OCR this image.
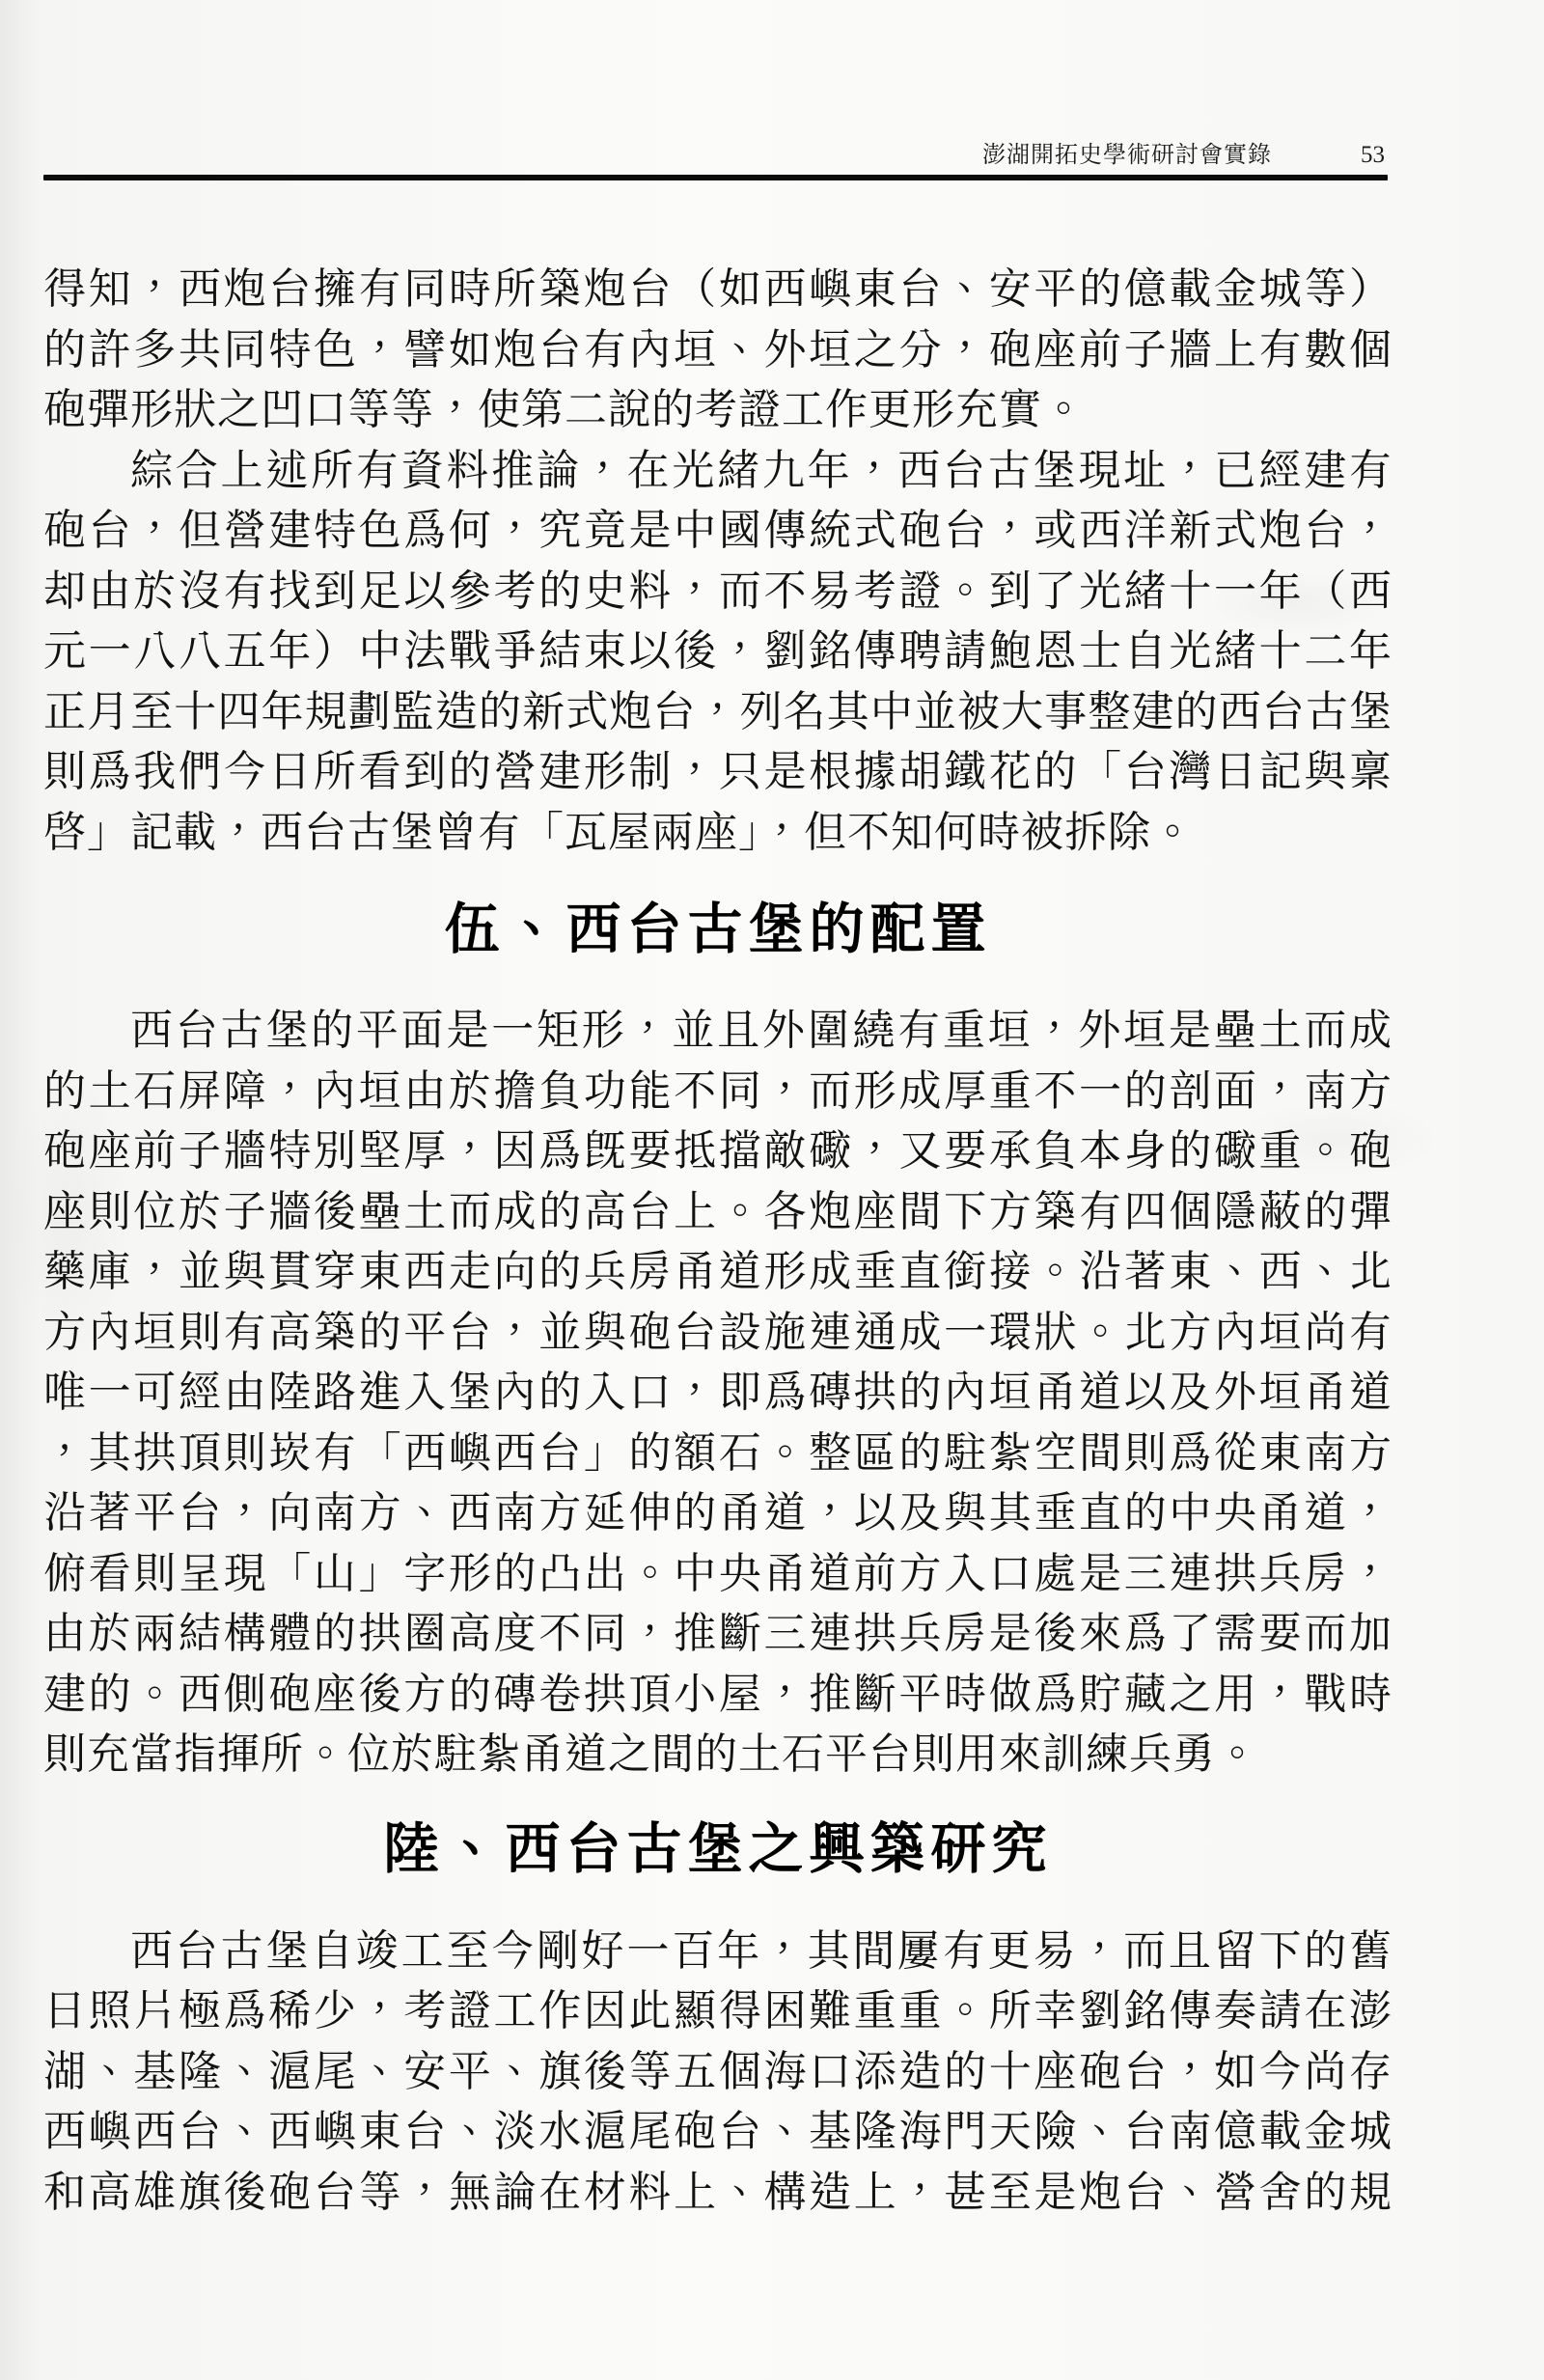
澎湖開拓史學術研討會實錄	53

得知，西炮台擁有同時所築炮台（如西嶼東台、安平的億載金城等）
的許多共同特色，譬如炮台有內垣、外垣之分，砲座前子牆上有數個
砲彈形狀之凹口等等，使第二說的考證工作更形充實。

綜合上述所有資料推論，在光緒九年，西台古堡現址，已經建有
砲台，但營建特色爲何，究竟是中國傳統式砲台，或西洋新式炮台，
却由於沒有找到足以參考的史料，而不易考證。到了光緒十一年（西
元一八八五年）中法戰爭結束以後，劉銘傳聘請鮑恩士自光緒十二年
正月至十四年規劃監造的新式炮台，列名其中並被大事整建的西台古堡
則爲我們今日所看到的營建形制，只是根據胡鐵花的「台灣日記與稟
啓」記載，西台古堡曾有「瓦屋兩座」，但不知何時被拆除。

伍、西台古堡的配置

西台古堡的平面是一矩形，並且外圍繞有重垣，外垣是壘土而成
的土石屏障，內垣由於擔負功能不同，而形成厚重不一的剖面，南方
砲座前子牆特別堅厚，因爲旣要抵擋敵礮，又要承負本身的礮重。砲
座則位於子牆後壘土而成的高台上。各炮座間下方築有四個隱蔽的彈
藥庫，並與貫穿東西走向的兵房甬道形成垂直銜接。沿著東、西、北
方內垣則有高築的平台，並與砲台設施連通成一環狀。北方內垣尚有
唯一可經由陸路進入堡內的入口，即爲磚拱的內垣甬道以及外垣甬道
，其拱頂則崁有「西嶼西台」的額石。整區的駐紮空間則爲從東南方
沿著平台，向南方、西南方延伸的甬道，以及與其垂直的中央甬道，
俯看則呈現「山」字形的凸出。中央甬道前方入口處是三連拱兵房，
由於兩結構體的拱圈高度不同，推斷三連拱兵房是後來爲了需要而加
建的。西側砲座後方的磚卷拱頂小屋，推斷平時做爲貯藏之用，戰時
則充當指揮所。位於駐紮甬道之間的土石平台則用來訓練兵勇。

陸、西台古堡之興築研究

西台古堡自竣工至今剛好一百年，其間屢有更易，而且留下的舊
日照片極爲稀少，考證工作因此顯得困難重重。所幸劉銘傳奏請在澎
湖、基隆、滬尾、安平、旗後等五個海口添造的十座砲台，如今尚存
西嶼西台、西嶼東台、淡水滬尾砲台、基隆海門天險、台南億載金城
和高雄旗後砲台等，無論在材料上、構造上，甚至是炮台、營舍的規
